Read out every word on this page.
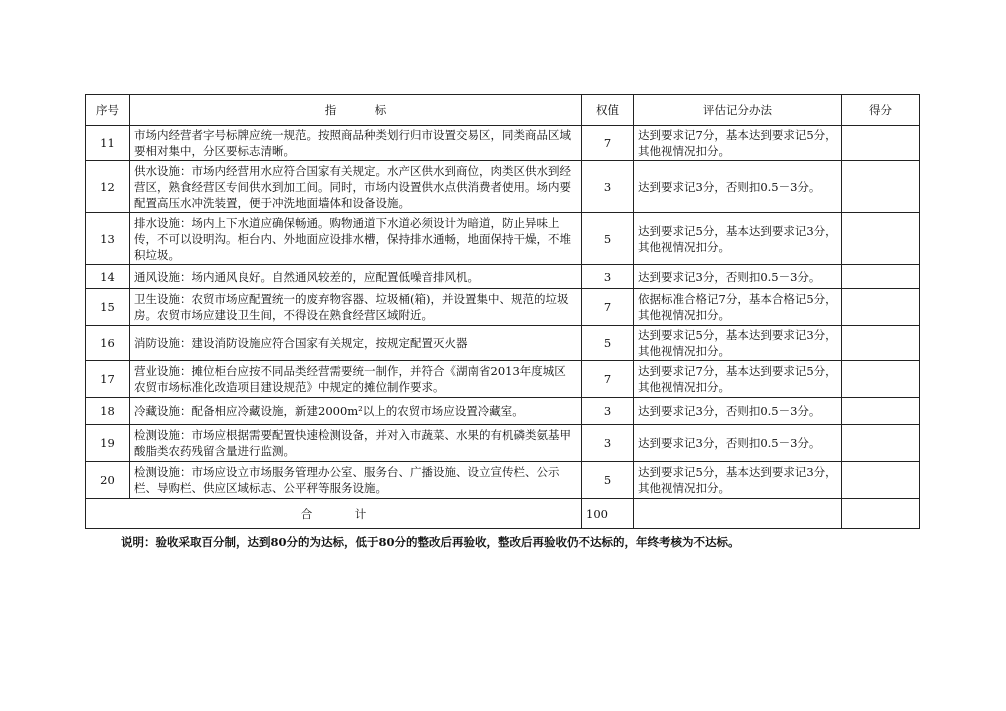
序号	指 标	权值	评估记分办法	得分
11	市场内经营者字号标牌应统一规范。按照商品种类划行归市设置交易区，同类商品区域要相对集中，分区要标志清晰。	7	达到要求记7分，基本达到要求记5分，其他视情况扣分。	
12	供水设施：市场内经营用水应符合国家有关规定。水产区供水到商位，肉类区供水到经营区，熟食经营区专间供水到加工间。同时，市场内设置供水点供消费者使用。场内要配置高压水冲洗装置，便于冲洗地面墙体和设备设施。	3	达到要求记3分，否则扣0.5－3分。	
13	排水设施：场内上下水道应确保畅通。购物通道下水道必须设计为暗道，防止异味上传，不可以设明沟。柜台内、外地面应设排水槽，保持排水通畅，地面保持干燥，不堆积垃圾。	5	达到要求记5分，基本达到要求记3分，其他视情况扣分。	
14	通风设施：场内通风良好。自然通风较差的，应配置低噪音排风机。	3	达到要求记3分，否则扣0.5－3分。	
15	卫生设施：农贸市场应配置统一的废弃物容器、垃圾桶(箱)，并设置集中、规范的垃圾房。农贸市场应建设卫生间，不得设在熟食经营区域附近。	7	依据标准合格记7分，基本合格记5分，其他视情况扣分。	
16	消防设施：建设消防设施应符合国家有关规定，按规定配置灭火器	5	达到要求记5分，基本达到要求记3分，其他视情况扣分。	
17	营业设施：摊位柜台应按不同品类经营需要统一制作，并符合《湖南省2013年度城区农贸市场标准化改造项目建设规范》中规定的摊位制作要求。	7	达到要求记7分，基本达到要求记5分，其他视情况扣分。	
18	冷藏设施：配备相应冷藏设施，新建2000m²以上的农贸市场应设置冷藏室。	3	达到要求记3分，否则扣0.5－3分。	
19	检测设施：市场应根据需要配置快速检测设备，并对入市蔬菜、水果的有机磷类氨基甲酸脂类农药残留含量进行监测。	3	达到要求记3分，否则扣0.5－3分。	
20	检测设施：市场应设立市场服务管理办公室、服务台、广播设施、设立宣传栏、公示栏、导购栏、供应区域标志、公平秤等服务设施。	5	达到要求记5分，基本达到要求记3分，其他视情况扣分。	
合 计		100		
说明：验收采取百分制，达到80分的为达标，低于80分的整改后再验收，整改后再验收仍不达标的，年终考核为不达标。
